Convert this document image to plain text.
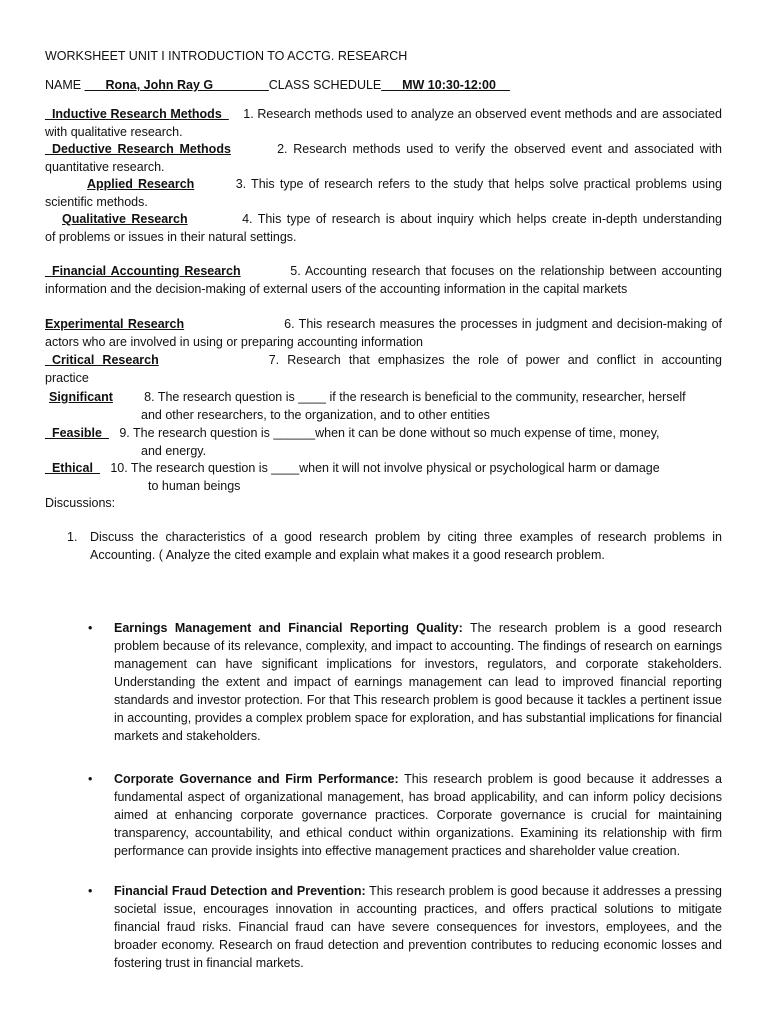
WORKSHEET UNIT I INTRODUCTION TO ACCTG. RESEARCH
NAME ___Rona, John Ray G________CLASS SCHEDULE___MW 10:30-12:00__
_Inductive Research Methods_ 1. Research methods used to analyze an observed event methods and are associated
with qualitative research.
_Deductive Research Methods	2. Research methods used to verify the observed event and associated with
quantitative research.
Applied Research	3. This type of research refers to the study that helps solve practical problems using
scientific methods.
Qualitative Research	4. This type of research is about inquiry which helps create in-depth understanding
of problems or issues in their natural settings.
_Financial Accounting Research	5. Accounting research that focuses on the relationship between accounting
information and the decision-making of external users of the accounting information in the capital markets
Experimental Research	6. This research measures the processes in judgment and decision-making of
actors who are involved in using or preparing accounting information
_Critical Research	7. Research that emphasizes the role of power and conflict in accounting
practice
Significant	8. The research question is ____ if the research is beneficial to the community, researcher, herself
and other researchers, to the organization, and to other entities
_Feasible_ 9. The research question is ______when it can be done without so much expense of time, money,
and energy.
_Ethical_ 10. The research question is ____when it will not involve physical or psychological harm or damage
to human beings
Discussions:
1.	Discuss the characteristics of a good research problem by citing three examples of research problems in Accounting. ( Analyze the cited example and explain what makes it a good research problem.
•	Earnings Management and Financial Reporting Quality: The research problem is a good research problem because of its relevance, complexity, and impact to accounting. The findings of research on earnings management can have significant implications for investors, regulators, and corporate stakeholders. Understanding the extent and impact of earnings management can lead to improved financial reporting standards and investor protection. For that This research problem is good because it tackles a pertinent issue in accounting, provides a complex problem space for exploration, and has substantial implications for financial markets and stakeholders.
•	Corporate Governance and Firm Performance: This research problem is good because it addresses a fundamental aspect of organizational management, has broad applicability, and can inform policy decisions aimed at enhancing corporate governance practices. Corporate governance is crucial for maintaining transparency, accountability, and ethical conduct within organizations. Examining its relationship with firm performance can provide insights into effective management practices and shareholder value creation.
•	Financial Fraud Detection and Prevention: This research problem is good because it addresses a pressing societal issue, encourages innovation in accounting practices, and offers practical solutions to mitigate financial fraud risks. Financial fraud can have severe consequences for investors, employees, and the broader economy. Research on fraud detection and prevention contributes to reducing economic losses and fostering trust in financial markets.
